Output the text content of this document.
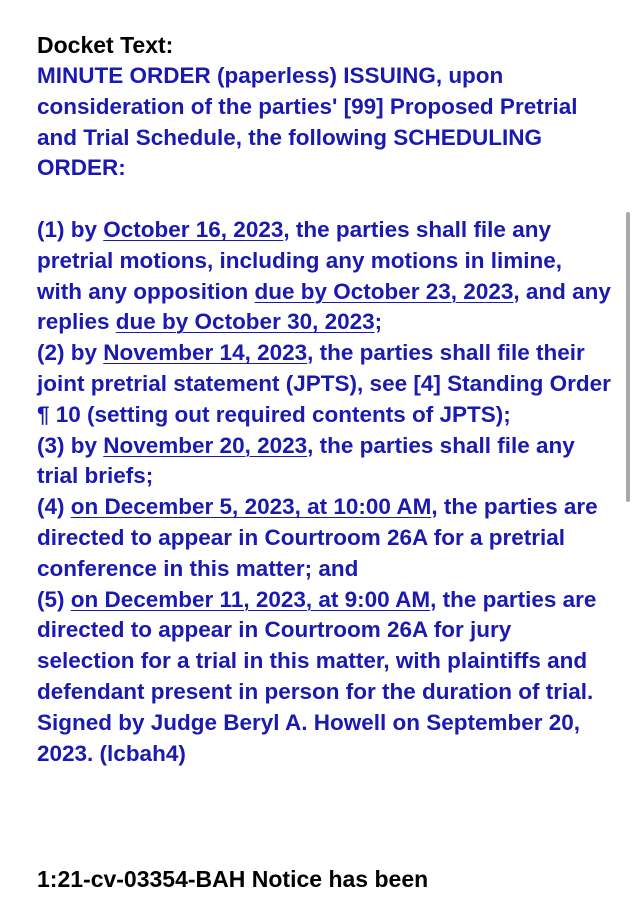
Docket Text:

MINUTE ORDER (paperless) ISSUING, upon consideration of the parties' [99] Proposed Pretrial and Trial Schedule, the following SCHEDULING ORDER:

(1) by October 16, 2023, the parties shall file any pretrial motions, including any motions in limine, with any opposition due by October 23, 2023, and any replies due by October 30, 2023;

(2) by November 14, 2023, the parties shall file their joint pretrial statement (JPTS), see [4] Standing Order ¶ 10 (setting out required contents of JPTS);

(3) by November 20, 2023, the parties shall file any trial briefs;

(4) on December 5, 2023, at 10:00 AM, the parties are directed to appear in Courtroom 26A for a pretrial conference in this matter; and

(5) on December 11, 2023, at 9:00 AM, the parties are directed to appear in Courtroom 26A for jury selection for a trial in this matter, with plaintiffs and defendant present in person for the duration of trial. Signed by Judge Beryl A. Howell on September 20, 2023. (lcbah4)

1:21-cv-03354-BAH Notice has been
